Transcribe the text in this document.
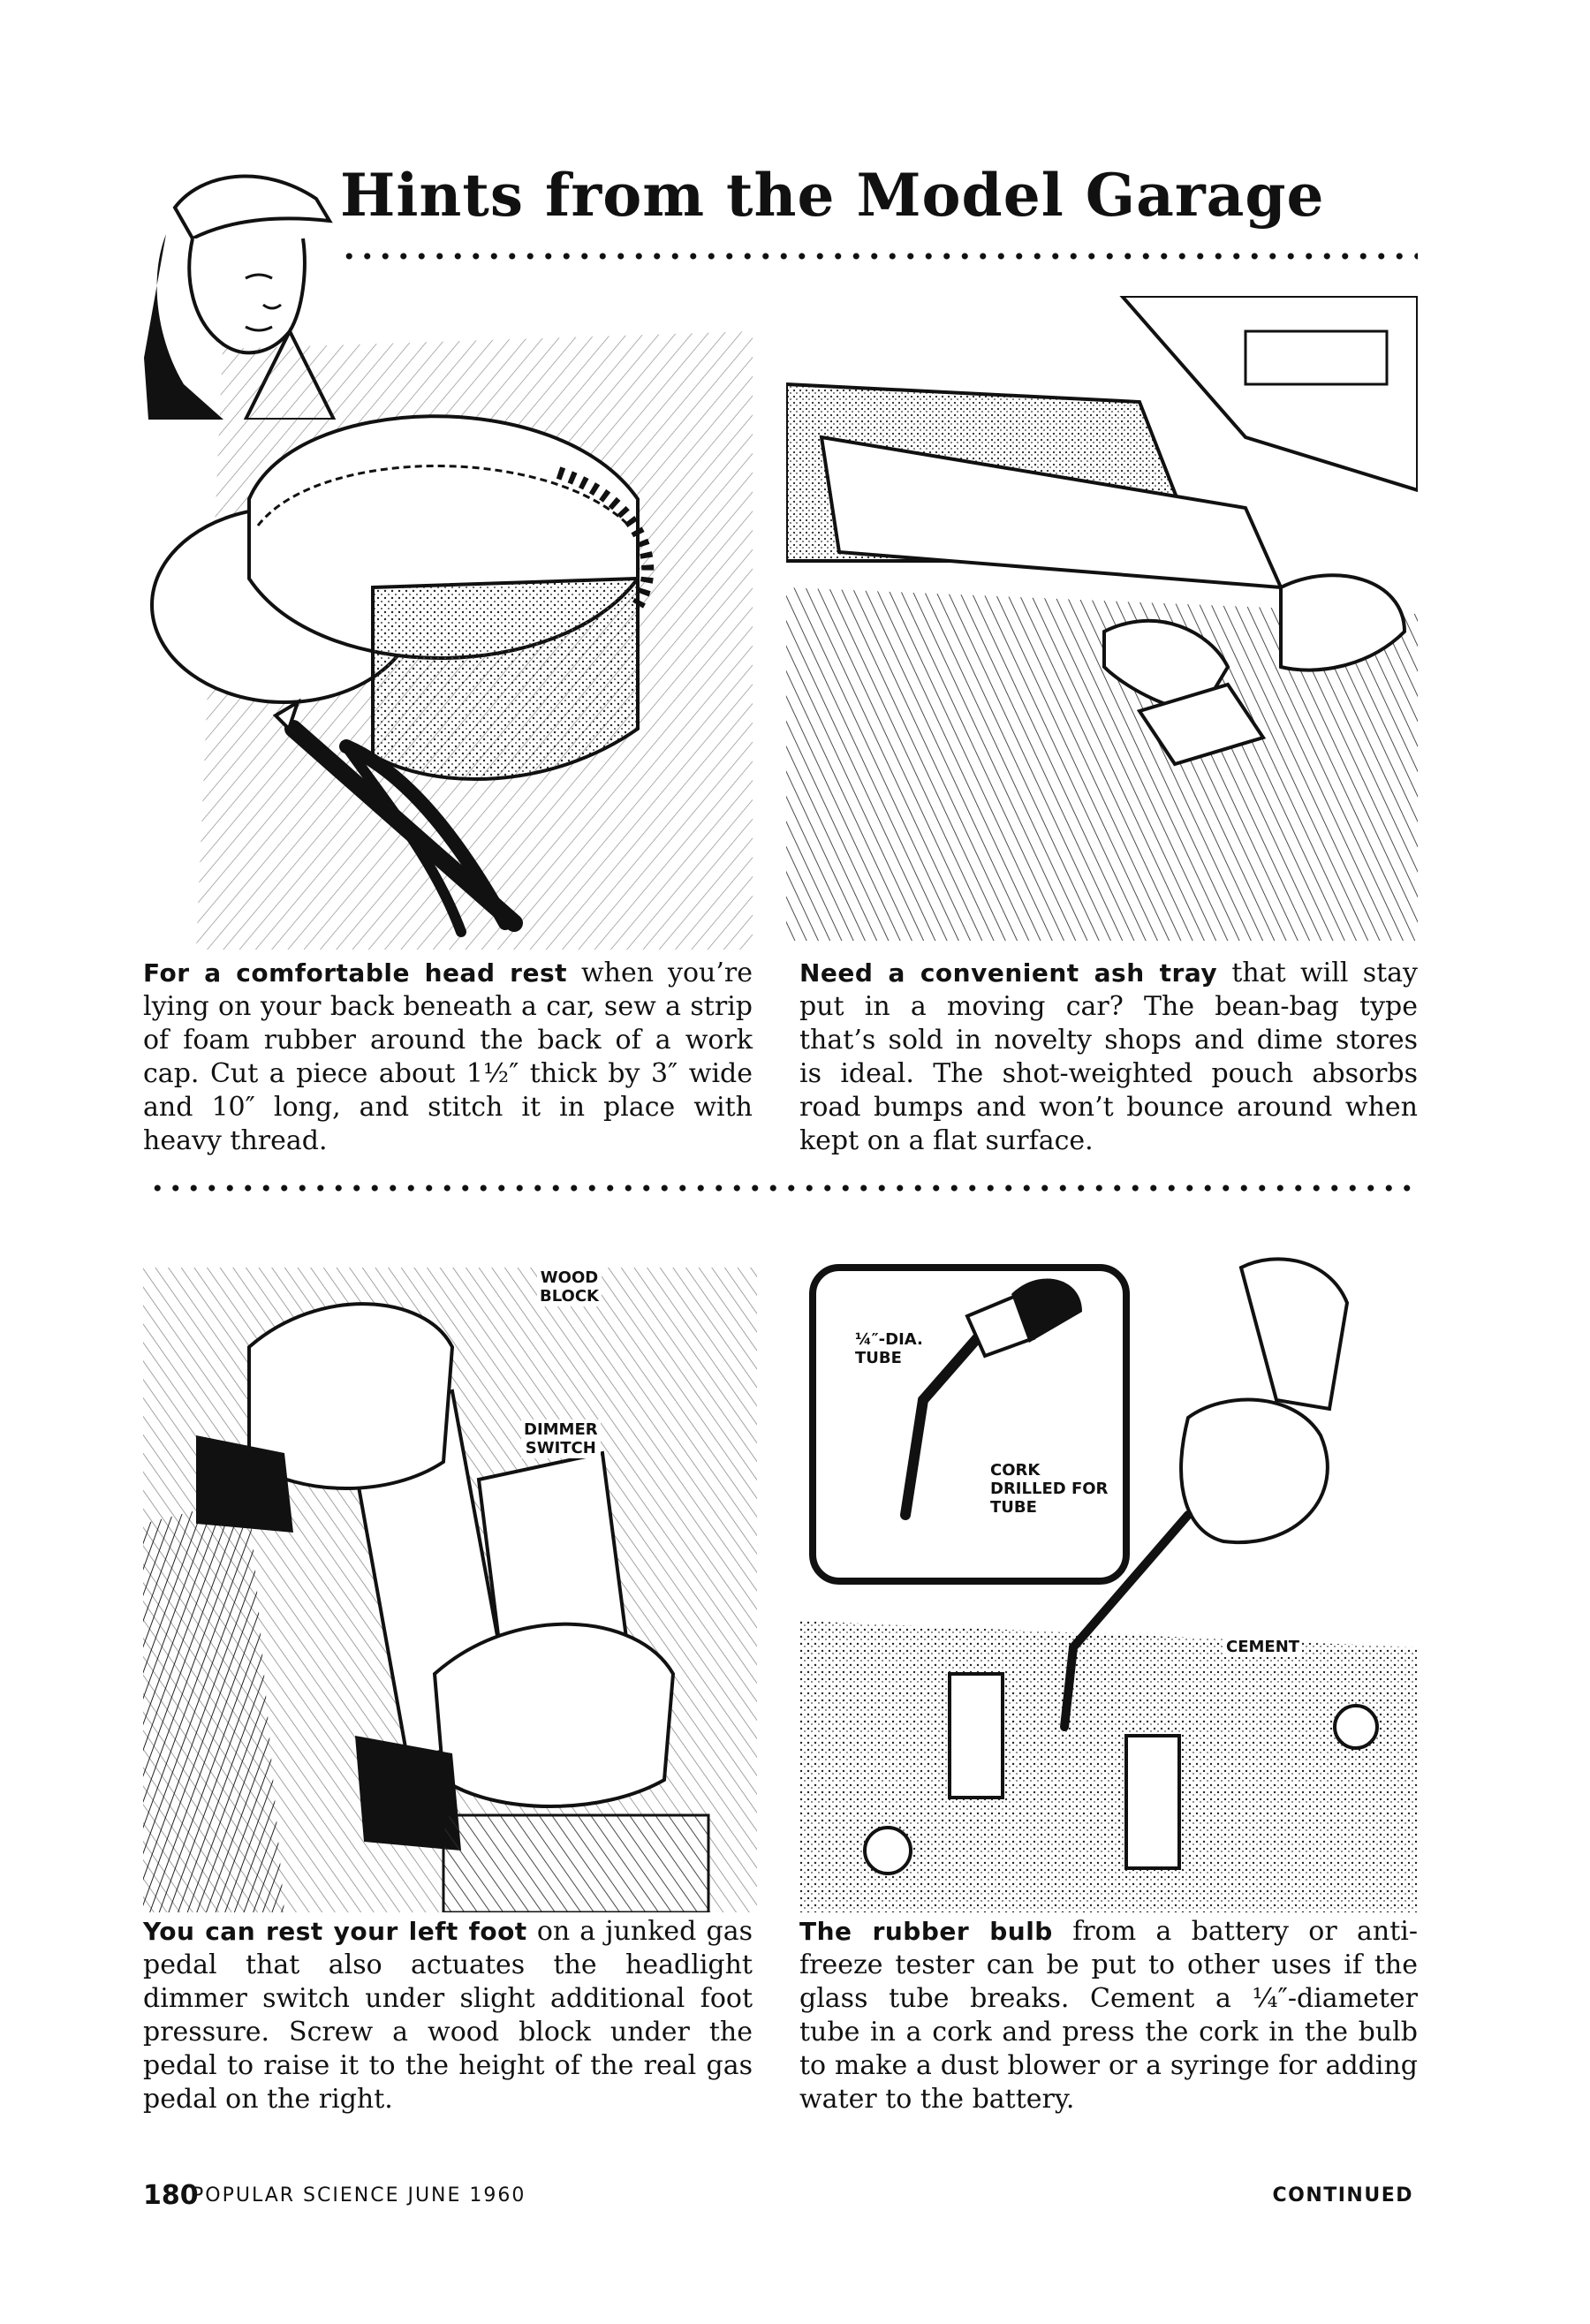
Hints from the Model Garage
For a comfortable head rest when you’re lying on your back beneath a car, sew a strip of foam rubber around the back of a work cap. Cut a piece about 1½″ thick by 3″ wide and 10″ long, and stitch it in place with heavy thread.
Need a convenient ash tray that will stay put in a moving car? The bean-bag type that’s sold in novelty shops and dime stores is ideal. The shot-weighted pouch absorbs road bumps and won’t bounce around when kept on a flat surface.
WOOD
BLOCK
DIMMER
SWITCH
¼″-DIA.
TUBE
CORK
DRILLED FOR
TUBE
CEMENT
You can rest your left foot on a junked gas pedal that also actuates the headlight dimmer switch under slight additional foot pressure. Screw a wood block under the pedal to raise it to the height of the real gas pedal on the right.
The rubber bulb from a battery or anti-freeze tester can be put to other uses if the glass tube breaks. Cement a ¼″-diameter tube in a cork and press the cork in the bulb to make a dust blower or a syringe for adding water to the battery.
180
POPULAR SCIENCE JUNE 1960	CONTINUED
